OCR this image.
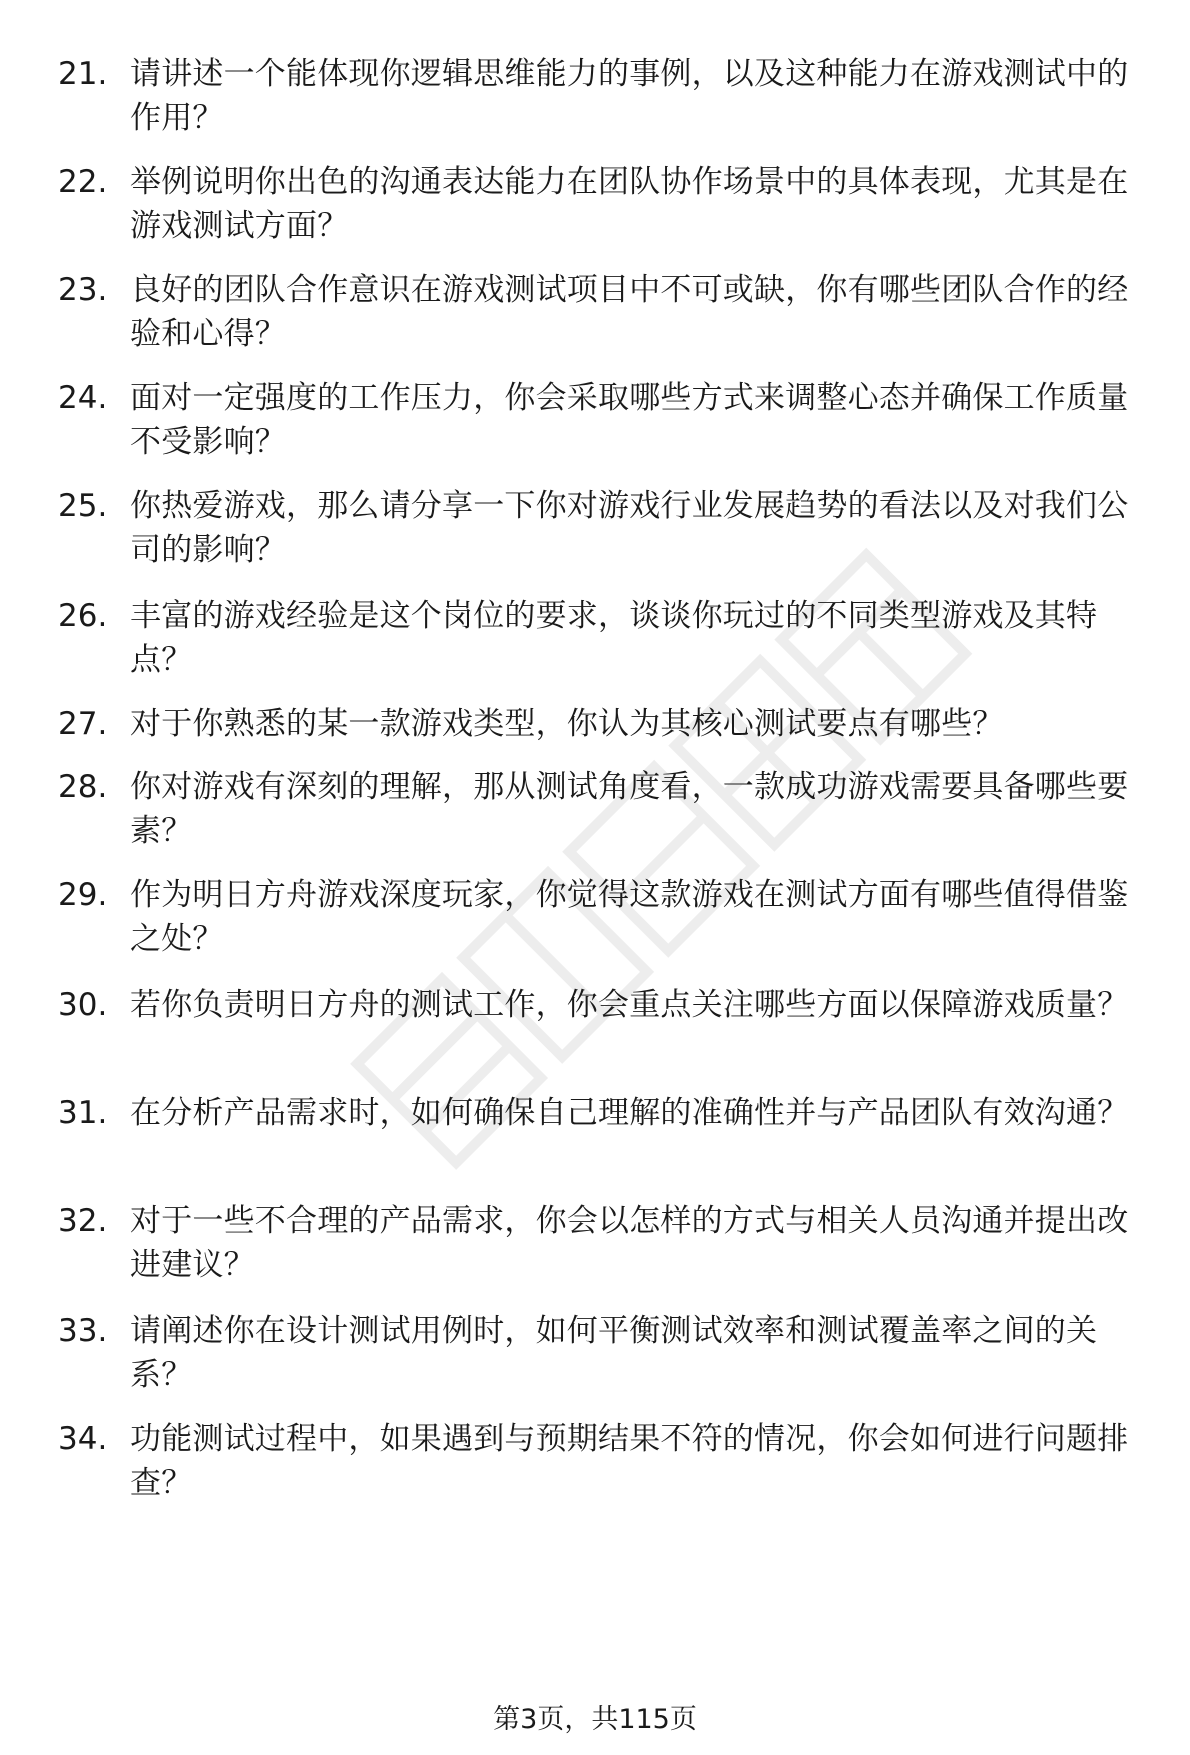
21. 请讲述一个能体现你逻辑思维能力的事例，以及这种能力在游戏测试中的作用？
22. 举例说明你出色的沟通表达能力在团队协作场景中的具体表现，尤其是在游戏测试方面？
23. 良好的团队合作意识在游戏测试项目中不可或缺，你有哪些团队合作的经验和心得？
24. 面对一定强度的工作压力，你会采取哪些方式来调整心态并确保工作质量不受影响？
25. 你热爱游戏，那么请分享一下你对游戏行业发展趋势的看法以及对我们公司的影响？
26. 丰富的游戏经验是这个岗位的要求，谈谈你玩过的不同类型游戏及其特点？
27. 对于你熟悉的某一款游戏类型，你认为其核心测试要点有哪些？
28. 你对游戏有深刻的理解，那从测试角度看，一款成功游戏需要具备哪些要素？
29. 作为明日方舟游戏深度玩家，你觉得这款游戏在测试方面有哪些值得借鉴之处？
30. 若你负责明日方舟的测试工作，你会重点关注哪些方面以保障游戏质量？
31. 在分析产品需求时，如何确保自己理解的准确性并与产品团队有效沟通？
32. 对于一些不合理的产品需求，你会以怎样的方式与相关人员沟通并提出改进建议？
33. 请阐述你在设计测试用例时，如何平衡测试效率和测试覆盖率之间的关系？
34. 功能测试过程中，如果遇到与预期结果不符的情况，你会如何进行问题排查？
第3页，共115页
